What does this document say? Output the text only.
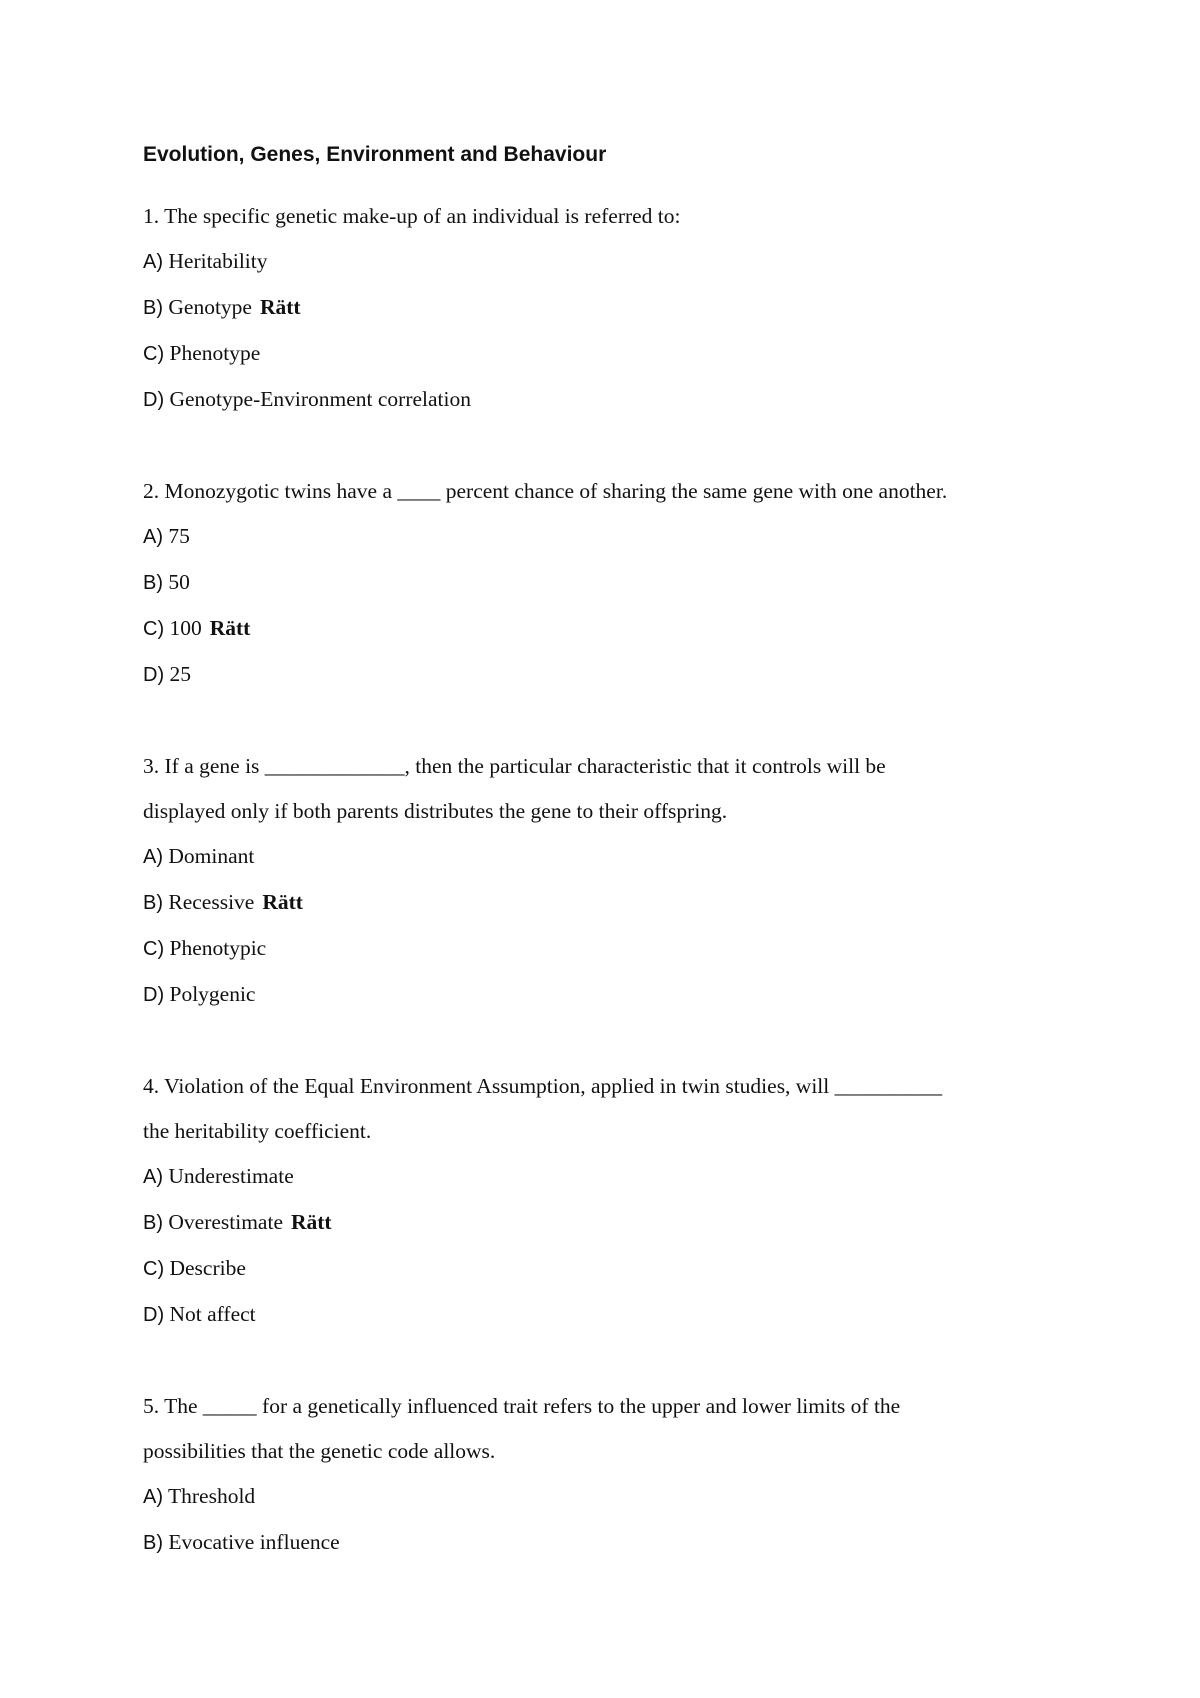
Evolution, Genes, Environment and Behaviour

1. The specific genetic make-up of an individual is referred to:

A) Heritability

B) Genotype Rätt

C) Phenotype

D) Genotype-Environment correlation

2. Monozygotic twins have a ____ percent chance of sharing the same gene with one another.

A) 75

B) 50

C) 100 Rätt

D) 25

3. If a gene is _____________, then the particular characteristic that it controls will be

displayed only if both parents distributes the gene to their offspring.

A) Dominant

B) Recessive Rätt

C) Phenotypic

D) Polygenic

4. Violation of the Equal Environment Assumption, applied in twin studies, will __________

the heritability coefficient.

A) Underestimate

B) Overestimate Rätt

C) Describe

D) Not affect

5. The _____ for a genetically influenced trait refers to the upper and lower limits of the

possibilities that the genetic code allows.

A) Threshold

B) Evocative influence
